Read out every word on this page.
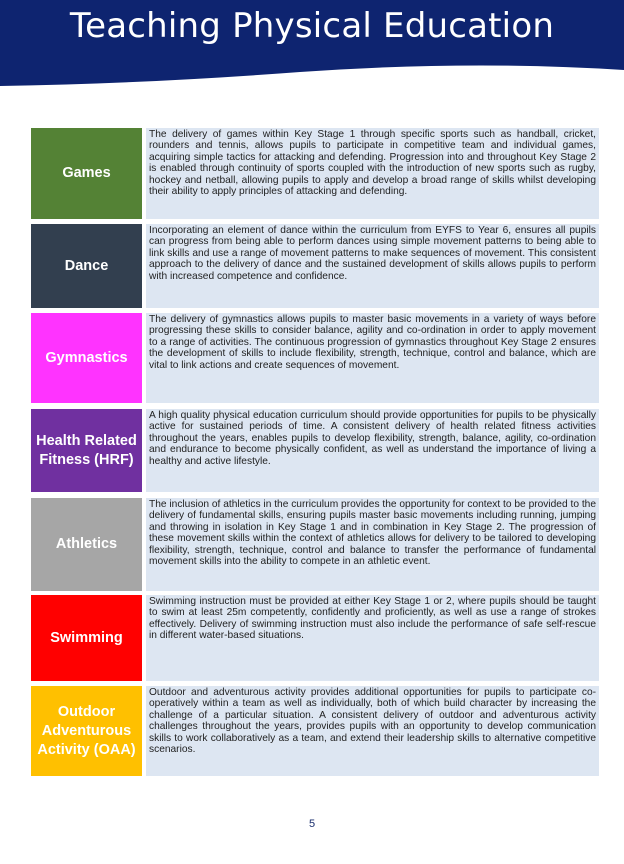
Teaching Physical Education
Games
The delivery of games within Key Stage 1 through specific sports such as handball, cricket, rounders and tennis, allows pupils to participate in competitive team and individual games, acquiring simple tactics for attacking and defending. Progression into and throughout Key Stage 2 is enabled through continuity of sports coupled with the introduction of new sports such as rugby, hockey and netball, allowing pupils to apply and develop a broad range of skills whilst developing their ability to apply principles of attacking and defending.
Dance
Incorporating an element of dance within the curriculum from EYFS to Year 6, ensures all pupils can progress from being able to perform dances using simple movement patterns to being able to link skills and use a range of movement patterns to make sequences of movement. This consistent approach to the delivery of dance and the sustained development of skills allows pupils to perform with increased competence and confidence.
Gymnastics
The delivery of gymnastics allows pupils to master basic movements in a variety of ways before progressing these skills to consider balance, agility and co-ordination in order to apply movement to a range of activities. The continuous progression of gymnastics throughout Key Stage 2 ensures the development of skills to include flexibility, strength, technique, control and balance, which are vital to link actions and create sequences of movement.
Health Related Fitness (HRF)
A high quality physical education curriculum should provide opportunities for pupils to be physically active for sustained periods of time. A consistent delivery of health related fitness activities throughout the years, enables pupils to develop flexibility, strength, balance, agility, co-ordination and endurance to become physically confident, as well as understand the importance of living a healthy and active lifestyle.
Athletics
The inclusion of athletics in the curriculum provides the opportunity for context to be provided to the delivery of fundamental skills, ensuring pupils master basic movements including running, jumping and throwing in isolation in Key Stage 1 and in combination in Key Stage 2. The progression of these movement skills within the context of athletics allows for delivery to be tailored to developing flexibility, strength, technique, control and balance to transfer the performance of fundamental movement skills into the ability to compete in an athletic event.
Swimming
Swimming instruction must be provided at either Key Stage 1 or 2, where pupils should be taught to swim at least 25m competently, confidently and proficiently, as well as use a range of strokes effectively. Delivery of swimming instruction must also include the performance of safe self-rescue in different water-based situations.
Outdoor Adventurous Activity (OAA)
Outdoor and adventurous activity provides additional opportunities for pupils to participate co-operatively within a team as well as individually, both of which build character by increasing the challenge of a particular situation. A consistent delivery of outdoor and adventurous activity challenges throughout the years, provides pupils with an opportunity to develop communication skills to work collaboratively as a team, and extend their leadership skills to alternative competitive scenarios.
5
